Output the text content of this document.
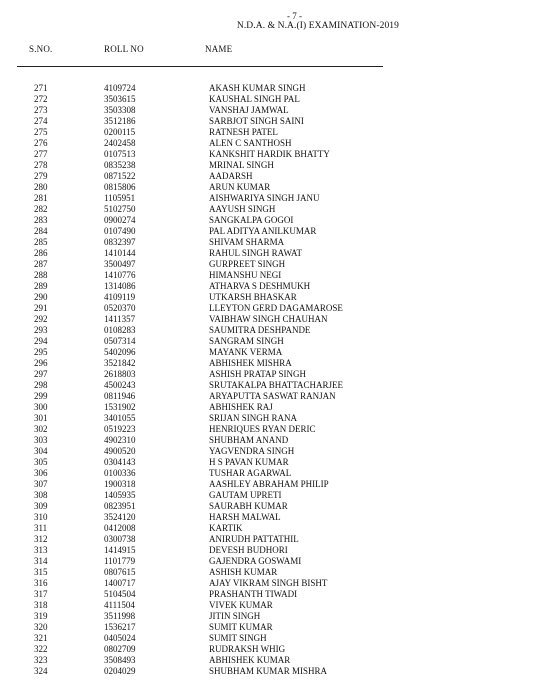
- 7 -
N.D.A. & N.A.(I) EXAMINATION-2019
S.NO.	ROLL NO	NAME
271	4109724	AKASH KUMAR SINGH
272	3503615	KAUSHAL SINGH PAL
273	3503308	VANSHAJ JAMWAL
274	3512186	SARBJOT SINGH SAINI
275	0200115	RATNESH PATEL
276	2402458	ALEN C SANTHOSH
277	0107513	KANKSHIT HARDIK BHATTY
278	0835238	MRINAL SINGH
279	0871522	AADARSH
280	0815806	ARUN KUMAR
281	1105951	AISHWARIYA SINGH JANU
282	5102750	AAYUSH SINGH
283	0900274	SANGKALPA GOGOI
284	0107490	PAL ADITYA ANILKUMAR
285	0832397	SHIVAM SHARMA
286	1410144	RAHUL SINGH RAWAT
287	3500497	GURPREET SINGH
288	1410776	HIMANSHU NEGI
289	1314086	ATHARVA S DESHMUKH
290	4109119	UTKARSH BHASKAR
291	0520370	LLEYTON GERD DAGAMAROSE
292	1411357	VAIBHAW SINGH CHAUHAN
293	0108283	SAUMITRA DESHPANDE
294	0507314	SANGRAM SINGH
295	5402096	MAYANK VERMA
296	3521842	ABHISHEK MISHRA
297	2618803	ASHISH PRATAP SINGH
298	4500243	SRUTAKALPA BHATTACHARJEE
299	0811946	ARYAPUTTA SASWAT RANJAN
300	1531902	ABHISHEK RAJ
301	3401055	SRIJAN SINGH RANA
302	0519223	HENRIQUES RYAN DERIC
303	4902310	SHUBHAM ANAND
304	4900520	YAGVENDRA SINGH
305	0304143	H S PAVAN KUMAR
306	0100336	TUSHAR AGARWAL
307	1900318	AASHLEY ABRAHAM PHILIP
308	1405935	GAUTAM UPRETI
309	0823951	SAURABH KUMAR
310	3524120	HARSH MALWAL
311	0412008	KARTIK
312	0300738	ANIRUDH PATTATHIL
313	1414915	DEVESH BUDHORI
314	1101779	GAJENDRA GOSWAMI
315	0807615	ASHISH KUMAR
316	1400717	AJAY VIKRAM SINGH BISHT
317	5104504	PRASHANTH TIWADI
318	4111504	VIVEK KUMAR
319	3511998	JITIN SINGH
320	1536217	SUMIT KUMAR
321	0405024	SUMIT SINGH
322	0802709	RUDRAKSH WHIG
323	3508493	ABHISHEK KUMAR
324	0204029	SHUBHAM KUMAR MISHRA
